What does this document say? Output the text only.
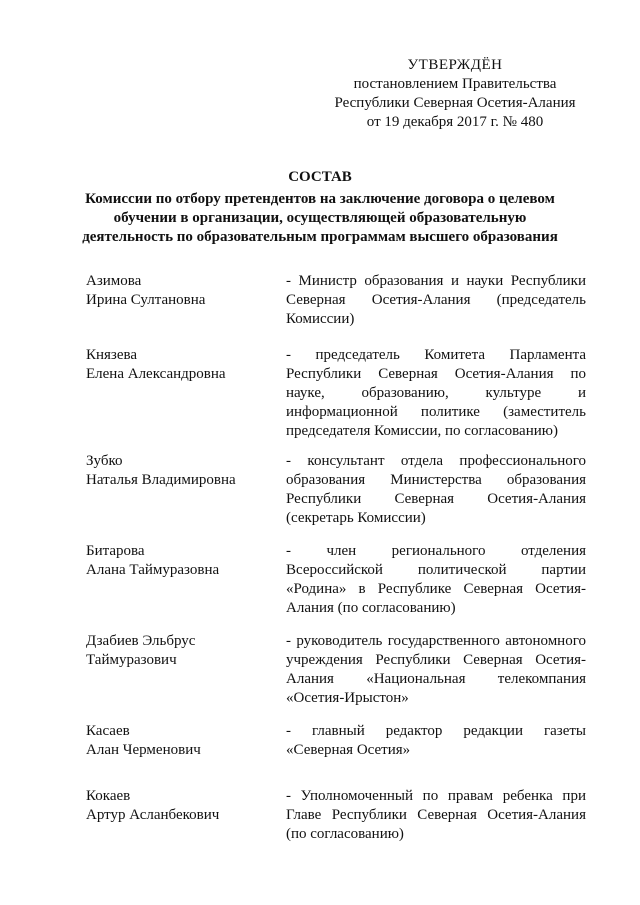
УТВЕРЖДЁН
постановлением Правительства
Республики Северная Осетия-Алания
от 19 декабря 2017 г. № 480
СОСТАВ
Комиссии по отбору претендентов на заключение договора о целевом
обучении в организации, осуществляющей образовательную
деятельность по образовательным программам высшего образования
Азимова
Ирина Султановна
- Министр образования и науки Республики Северная Осетия-Алания (председатель Комиссии)
Князева
Елена Александровна
- председатель Комитета Парламента Республики Северная Осетия-Алания по науке, образованию, культуре и информационной политике (заместитель председателя Комиссии, по согласованию)
Зубко
Наталья Владимировна
- консультант отдела профессионального образования Министерства образования Республики Северная Осетия-Алания (секретарь Комиссии)
Битарова
Алана Таймуразовна
- член регионального отделения Всероссийской политической партии «Родина» в Республике Северная Осетия-Алания (по согласованию)
Дзабиев Эльбрус
Таймуразович
- руководитель государственного автономного учреждения Республики Северная Осетия-Алания «Национальная телекомпания «Осетия-Ирыстон»
Касаев
Алан Черменович
- главный редактор редакции газеты «Северная Осетия»
Кокаев
Артур Асланбекович
- Уполномоченный по правам ребенка при Главе Республики Северная Осетия-Алания (по согласованию)
